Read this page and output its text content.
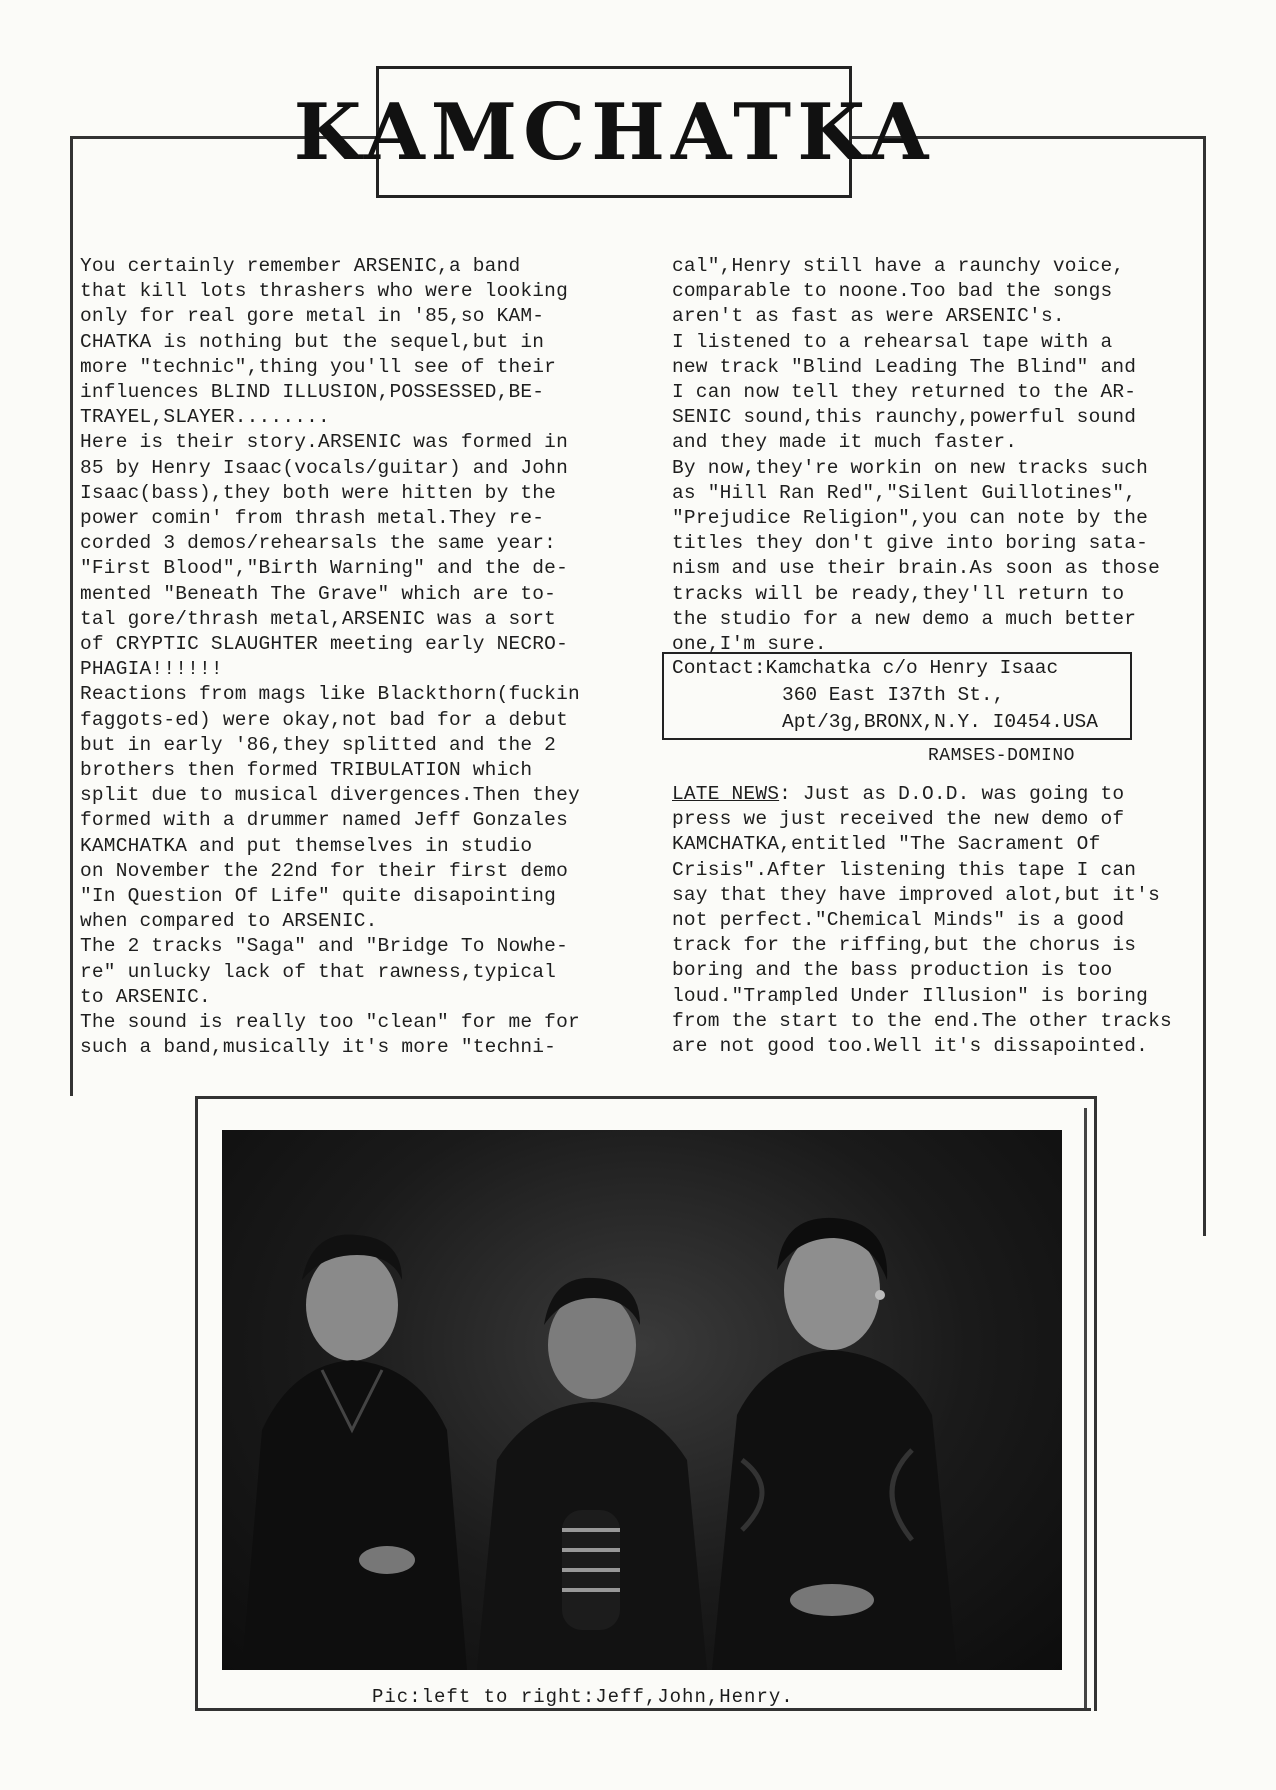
KAMCHATKA
You certainly remember ARSENIC,a band
that kill lots thrashers who were looking
only for real gore metal in '85,so KAM-
CHATKA is nothing but the sequel,but in
more "technic",thing you'll see of their
influences BLIND ILLUSION,POSSESSED,BE-
TRAYEL,SLAYER........
Here is their story.ARSENIC was formed in
85 by Henry Isaac(vocals/guitar) and John
Isaac(bass),they both were hitten by the
power comin' from thrash metal.They re-
corded 3 demos/rehearsals the same year:
"First Blood","Birth Warning" and the de-
mented "Beneath The Grave" which are to-
tal gore/thrash metal,ARSENIC was a sort
of CRYPTIC SLAUGHTER meeting early NECRO-
PHAGIA!!!!!!
Reactions from mags like Blackthorn(fuckin
faggots-ed) were okay,not bad for a debut
but in early '86,they splitted and the 2
brothers then formed TRIBULATION which
split due to musical divergences.Then they
formed with a drummer named Jeff Gonzales
KAMCHATKA and put themselves in studio
on November the 22nd for their first demo
"In Question Of Life" quite disapointing
when compared to ARSENIC.
The 2 tracks "Saga" and "Bridge To Nowhe-
re" unlucky lack of that rawness,typical
to ARSENIC.
The sound is really too "clean" for me for
such a band,musically it's more "techni-
cal",Henry still have a raunchy voice,
comparable to noone.Too bad the songs
aren't as fast as were ARSENIC's.
I listened to a rehearsal tape with a
new track "Blind Leading The Blind" and
I can now tell they returned to the AR-
SENIC sound,this raunchy,powerful sound
and they made it much faster.
By now,they're workin on new tracks such
as "Hill Ran Red","Silent Guillotines",
"Prejudice Religion",you can note by the
titles they don't give into boring sata-
nism and use their brain.As soon as those
tracks will be ready,they'll return to
the studio for a new demo a much better
one,I'm sure.
Contact:Kamchatka c/o Henry Isaac
360 East I37th St.,
Apt/3g,BRONX,N.Y. I0454.USA
RAMSES-DOMINO
LATE NEWS: Just as D.O.D. was going to
press we just received the new demo of
KAMCHATKA,entitled "The Sacrament Of
Crisis".After listening this tape I can
say that they have improved alot,but it's
not perfect."Chemical Minds" is a good
track for the riffing,but the chorus is
boring and the bass production is too
loud."Trampled Under Illusion" is boring
from the start to the end.The other tracks
are not good too.Well it's dissapointed.
Pic:left to right:Jeff,John,Henry.
